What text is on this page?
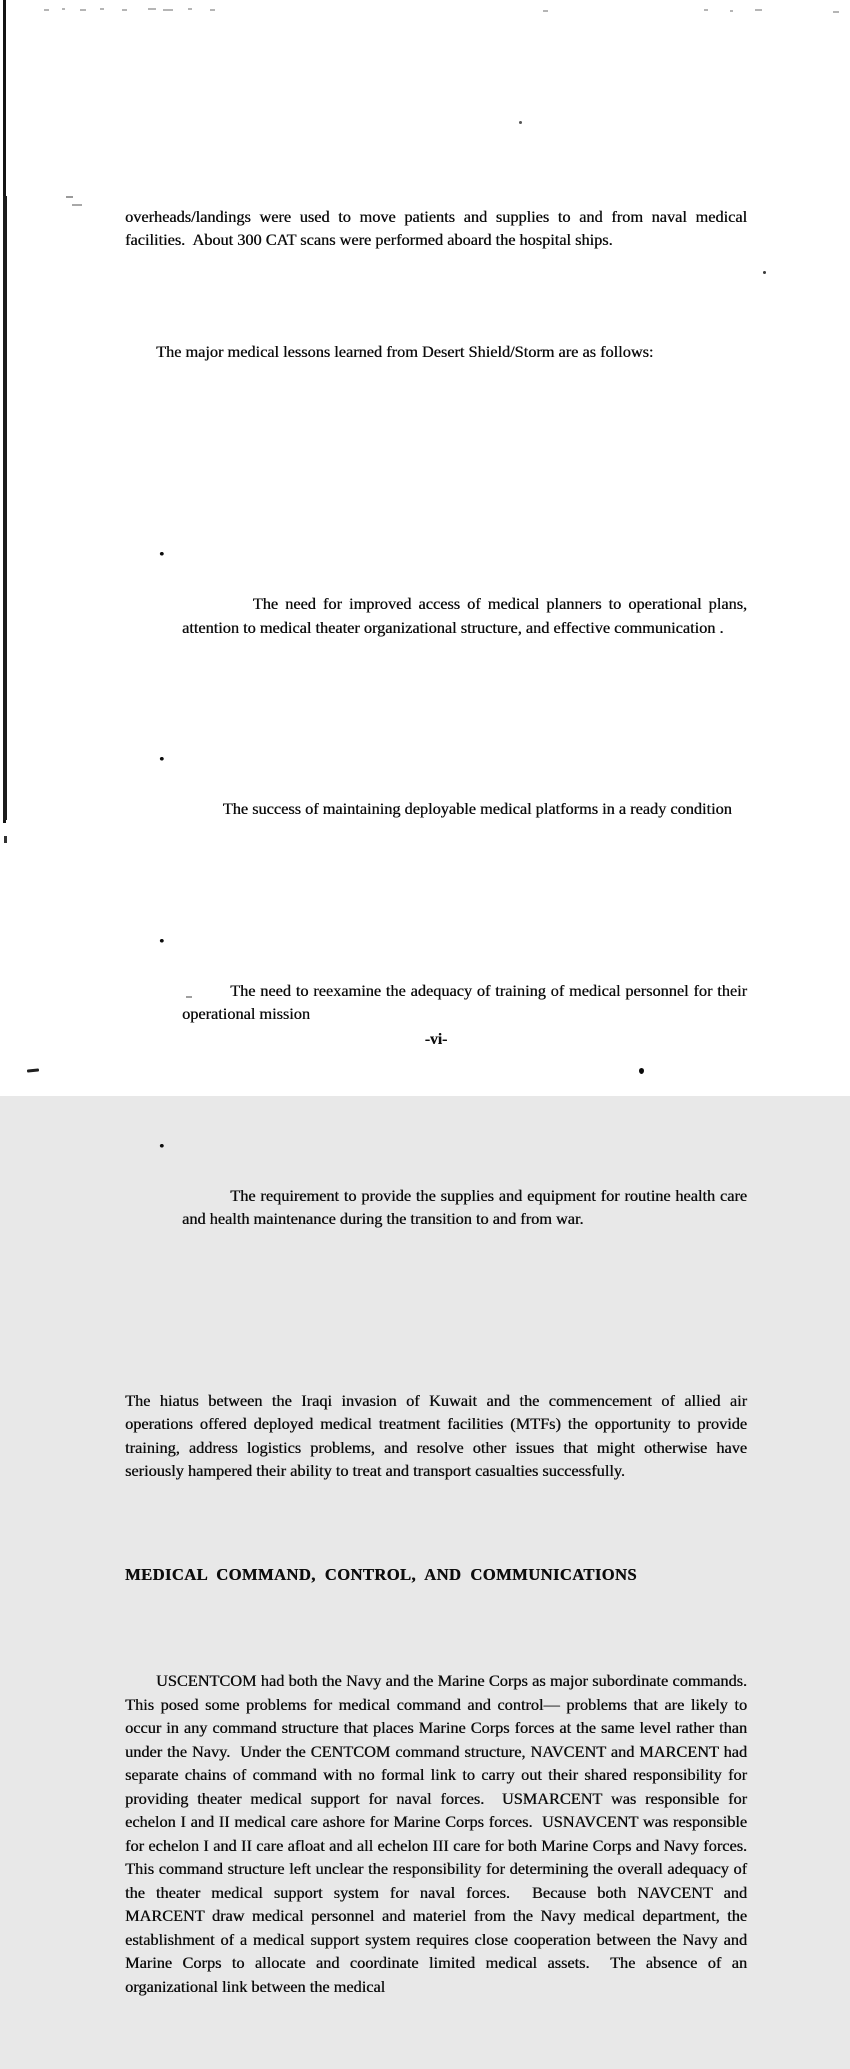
overheads/landings were used to move patients and supplies to and from naval medical facilities.  About 300 CAT scans were performed aboard the hospital ships.

The major medical lessons learned from Desert Shield/Storm are as follows:

•

The need for improved access of medical planners to operational plans, attention to medical theater organizational structure, and effective communication .

•

The success of maintaining deployable medical platforms in a ready condition

•

The need to reexamine the adequacy of training of medical personnel for their operational mission

•

The requirement to provide the supplies and equipment for routine health care and health maintenance during the transition to and from war.

The hiatus between the Iraqi invasion of Kuwait and the commencement of allied air operations offered deployed medical treatment facilities (MTFs) the opportunity to provide training, address logistics problems, and resolve other issues that might otherwise have seriously hampered their ability to treat and transport casualties successfully.

MEDICAL COMMAND, CONTROL, AND COMMUNICATIONS

USCENTCOM had both the Navy and the Marine Corps as major subordinate commands.  This posed some problems for medical command and control— problems that are likely to occur in any command structure that places Marine Corps forces at the same level rather than under the Navy.  Under the CENTCOM command structure, NAVCENT and MARCENT had separate chains of command with no formal link to carry out their shared responsibility for providing theater medical support for naval forces.  USMARCENT was responsible for echelon I and II medical care ashore for Marine Corps forces.  USNAVCENT was responsible for echelon I and II care afloat and all echelon III care for both Marine Corps and Navy forces.  This command structure left unclear the responsibility for determining the overall adequacy of the theater medical support system for naval forces.  Because both NAVCENT and MARCENT draw medical personnel and materiel from the Navy medical department, the establishment of a medical support system requires close cooperation between the Navy and Marine Corps to allocate and coordinate limited medical assets.  The absence of an organizational link between the medical

-vi-
